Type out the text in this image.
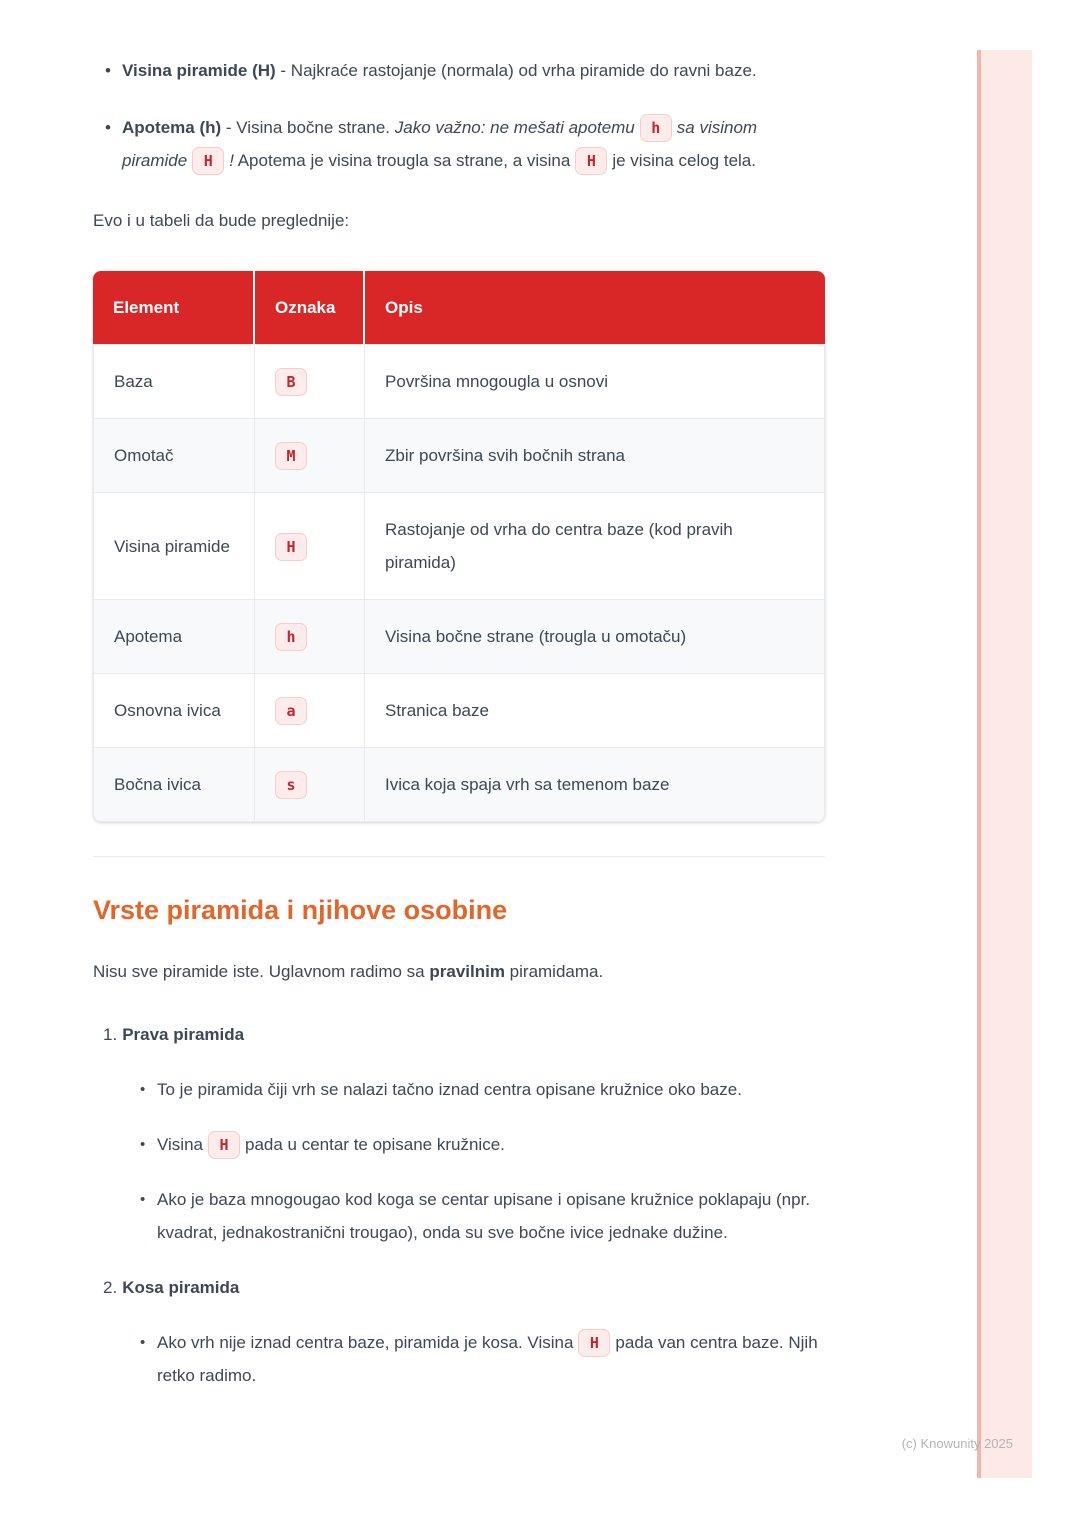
• Visina piramide (H) - Najkraće rastojanje (normala) od vrha piramide do ravni baze.
• Apotema (h) - Visina bočne strane. Jako važno: ne mešati apotemu h sa visinom piramide H ! Apotema je visina trougla sa strane, a visina H je visina celog tela.

Evo i u tabeli da bude preglednije:

Element	Oznaka	Opis
Baza	B	Površina mnogougla u osnovi
Omotač	M	Zbir površina svih bočnih strana
Visina piramide	H	Rastojanje od vrha do centra baze (kod pravih piramida)
Apotema	h	Visina bočne strane (trougla u omotaču)
Osnovna ivica	a	Stranica baze
Bočna ivica	s	Ivica koja spaja vrh sa temenom baze
Vrste piramida i njihove osobine

Nisu sve piramide iste. Uglavnom radimo sa pravilnim piramidama.

1. Prava piramida
• To je piramida čiji vrh se nalazi tačno iznad centra opisane kružnice oko baze.
• Visina H pada u centar te opisane kružnice.
• Ako je baza mnogougao kod koga se centar upisane i opisane kružnice poklapaju (npr. kvadrat, jednakostranični trougao), onda su sve bočne ivice jednake dužine.
2. Kosa piramida
• Ako vrh nije iznad centra baze, piramida je kosa. Visina H pada van centra baze. Njih retko radimo.
(c) Knowunity 2025
